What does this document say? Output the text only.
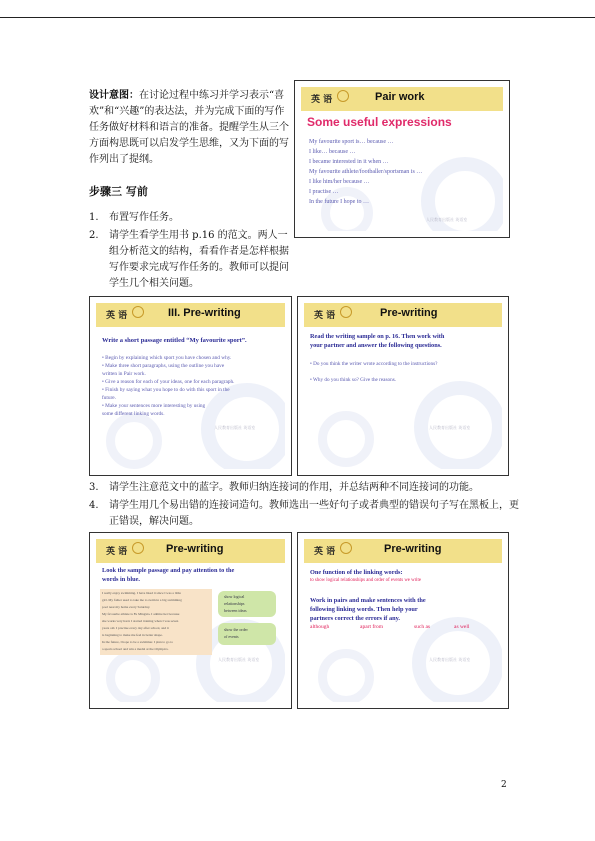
设计意图：在讨论过程中练习并学习表示“喜欢”和“兴趣”的表达法，并为完成下面的写作任务做好材料和语言的准备。提醒学生从三个方面构思既可以启发学生思维，又为下面的写作列出了提纲。
步骤三 写前
1. 布置写作任务。
2. 请学生看学生用书 p.16 的范文。两人一组分析范文的结构，看看作者是怎样根据写作要求完成写作任务的。教师可以提问学生几个相关问题。
英 语	Pair work
Some useful expressions
My favourite sport is… because …
I like… because …
I became interested in it when …
My favourite athlete/footballer/sportsman is …
I like him/her because …
I practise …
In the future I hope to …
人民教育出版社 英语室
英 语	III. Pre-writing
Write a short passage entitled “My favourite sport”.
• Begin by explaining which sport you have chosen and why.
• Make three short paragraphs, using the outline you have
written in Pair work.
• Give a reason for each of your ideas, one for each paragraph.
• Finish by saying what you hope to do with this sport in the
future.
• Make your sentences more interesting by using
some different linking words.
人民教育出版社 英语室
英 语	Pre-writing
Read the writing sample on p. 16. Then work with
your partner and answer the following questions.
• Do you think the writer wrote according to the instructions?
• Why do you think so? Give the reasons.
人民教育出版社 英语室
3. 请学生注意范文中的蓝字。教师归纳连接词的作用，并总结两种不同连接词的功能。
4. 请学生用几个易出错的连接词造句。教师选出一些好句子或者典型的错误句子写在黑板上，更正错误，解决问题。
英 语	Pre-writing
Look the sample passage and pay attention to the
words in blue.
I really enjoy swimming. I have liked it since I was a little
girl. My father used to take me to swim in a big swimming
pool near my home every Saturday.
My favourite athlete is Fu Mingxia. I admire her because
she works very hard. I started training when I was seven
years old. I practise every day after school, and it
is beginning to make me feel in better shape.
In the future, I hope to be a swimmer. I plan to go to
a sports school and win a medal at the Olympics.
show logical
relationships
between ideas
show the order
of events
人民教育出版社 英语室
英 语	Pre-writing
One function of the linking words:
to show logical relationships and order of events we write
Work in pairs and make sentences with the
following linking words. Then help your
partners correct the errors if any.
although	apart from	such as	as well
人民教育出版社 英语室
2
